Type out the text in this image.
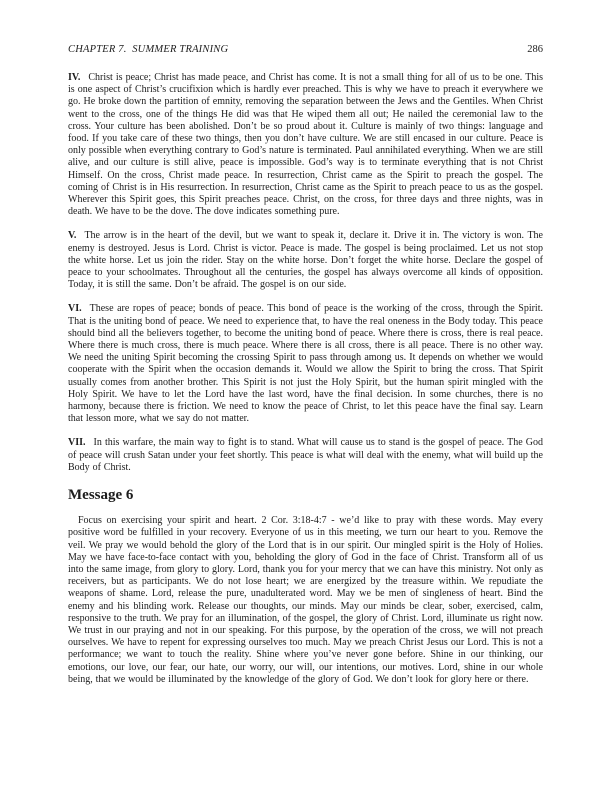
CHAPTER 7.  SUMMER TRAINING	286

IV. Christ is peace; Christ has made peace, and Christ has come. It is not a small thing for all of us to be one. This is one aspect of Christ’s crucifixion which is hardly ever preached. This is why we have to preach it everywhere we go. He broke down the partition of emnity, removing the separation between the Jews and the Gentiles. When Christ went to the cross, one of the things He did was that He wiped them all out; He nailed the ceremonial law to the cross. Your culture has been abolished. Don’t be so proud about it. Culture is mainly of two things: language and food. If you take care of these two things, then you don’t have culture. We are still encased in our culture. Peace is only possible when everything contrary to God’s nature is terminated. Paul annihilated everything. When we are still alive, and our culture is still alive, peace is impossible. God’s way is to terminate everything that is not Christ Himself. On the cross, Christ made peace. In resurrection, Christ came as the Spirit to preach the gospel. The coming of Christ is in His resurrection. In resurrection, Christ came as the Spirit to preach peace to us as the gospel. Wherever this Spirit goes, this Spirit preaches peace. Christ, on the cross, for three days and three nights, was in death. We have to be the dove. The dove indicates something pure.

V. The arrow is in the heart of the devil, but we want to speak it, declare it. Drive it in. The victory is won. The enemy is destroyed. Jesus is Lord. Christ is victor. Peace is made. The gospel is being proclaimed. Let us not stop the white horse. Let us join the rider. Stay on the white horse. Don’t forget the white horse. Declare the gospel of peace to your schoolmates. Throughout all the centuries, the gospel has always overcome all kinds of opposition. Today, it is still the same. Don’t be afraid. The gospel is on our side.

VI. These are ropes of peace; bonds of peace. This bond of peace is the working of the cross, through the Spirit. That is the uniting bond of peace. We need to experience that, to have the real oneness in the Body today. This peace should bind all the believers together, to become the uniting bond of peace. Where there is cross, there is real peace. Where there is much cross, there is much peace. Where there is all cross, there is all peace. There is no other way. We need the uniting Spirit becoming the crossing Spirit to pass through among us. It depends on whether we would cooperate with the Spirit when the occasion demands it. Would we allow the Spirit to bring the cross. That Spirit usually comes from another brother. This Spirit is not just the Holy Spirit, but the human spirit mingled with the Holy Spirit. We have to let the Lord have the last word, have the final decision. In some churches, there is no harmony, because there is friction. We need to know the peace of Christ, to let this peace have the final say. Learn that lesson more, what we say do not matter.

VII. In this warfare, the main way to fight is to stand. What will cause us to stand is the gospel of peace. The God of peace will crush Satan under your feet shortly. This peace is what will deal with the enemy, what will build up the Body of Christ.

Message 6

Focus on exercising your spirit and heart. 2 Cor. 3:18-4:7 - we’d like to pray with these words. May every positive word be fulfilled in your recovery. Everyone of us in this meeting, we turn our heart to you. Remove the veil. We pray we would behold the glory of the Lord that is in our spirit. Our mingled spirit is the Holy of Holies. May we have face-to-face contact with you, beholding the glory of God in the face of Christ. Transform all of us into the same image, from glory to glory. Lord, thank you for your mercy that we can have this ministry. Not only as receivers, but as participants. We do not lose heart; we are energized by the treasure within. We repudiate the weapons of shame. Lord, release the pure, unadulterated word. May we be men of singleness of heart. Bind the enemy and his blinding work. Release our thoughts, our minds. May our minds be clear, sober, exercised, calm, responsive to the truth. We pray for an illumination, of the gospel, the glory of Christ. Lord, illuminate us right now. We trust in our praying and not in our speaking. For this purpose, by the operation of the cross, we will not preach ourselves. We have to repent for expressing ourselves too much. May we preach Christ Jesus our Lord. This is not a performance; we want to touch the reality. Shine where you’ve never gone before. Shine in our thinking, our emotions, our love, our fear, our hate, our worry, our will, our intentions, our motives. Lord, shine in our whole being, that we would be illuminated by the knowledge of the glory of God. We don’t look for glory here or there.
